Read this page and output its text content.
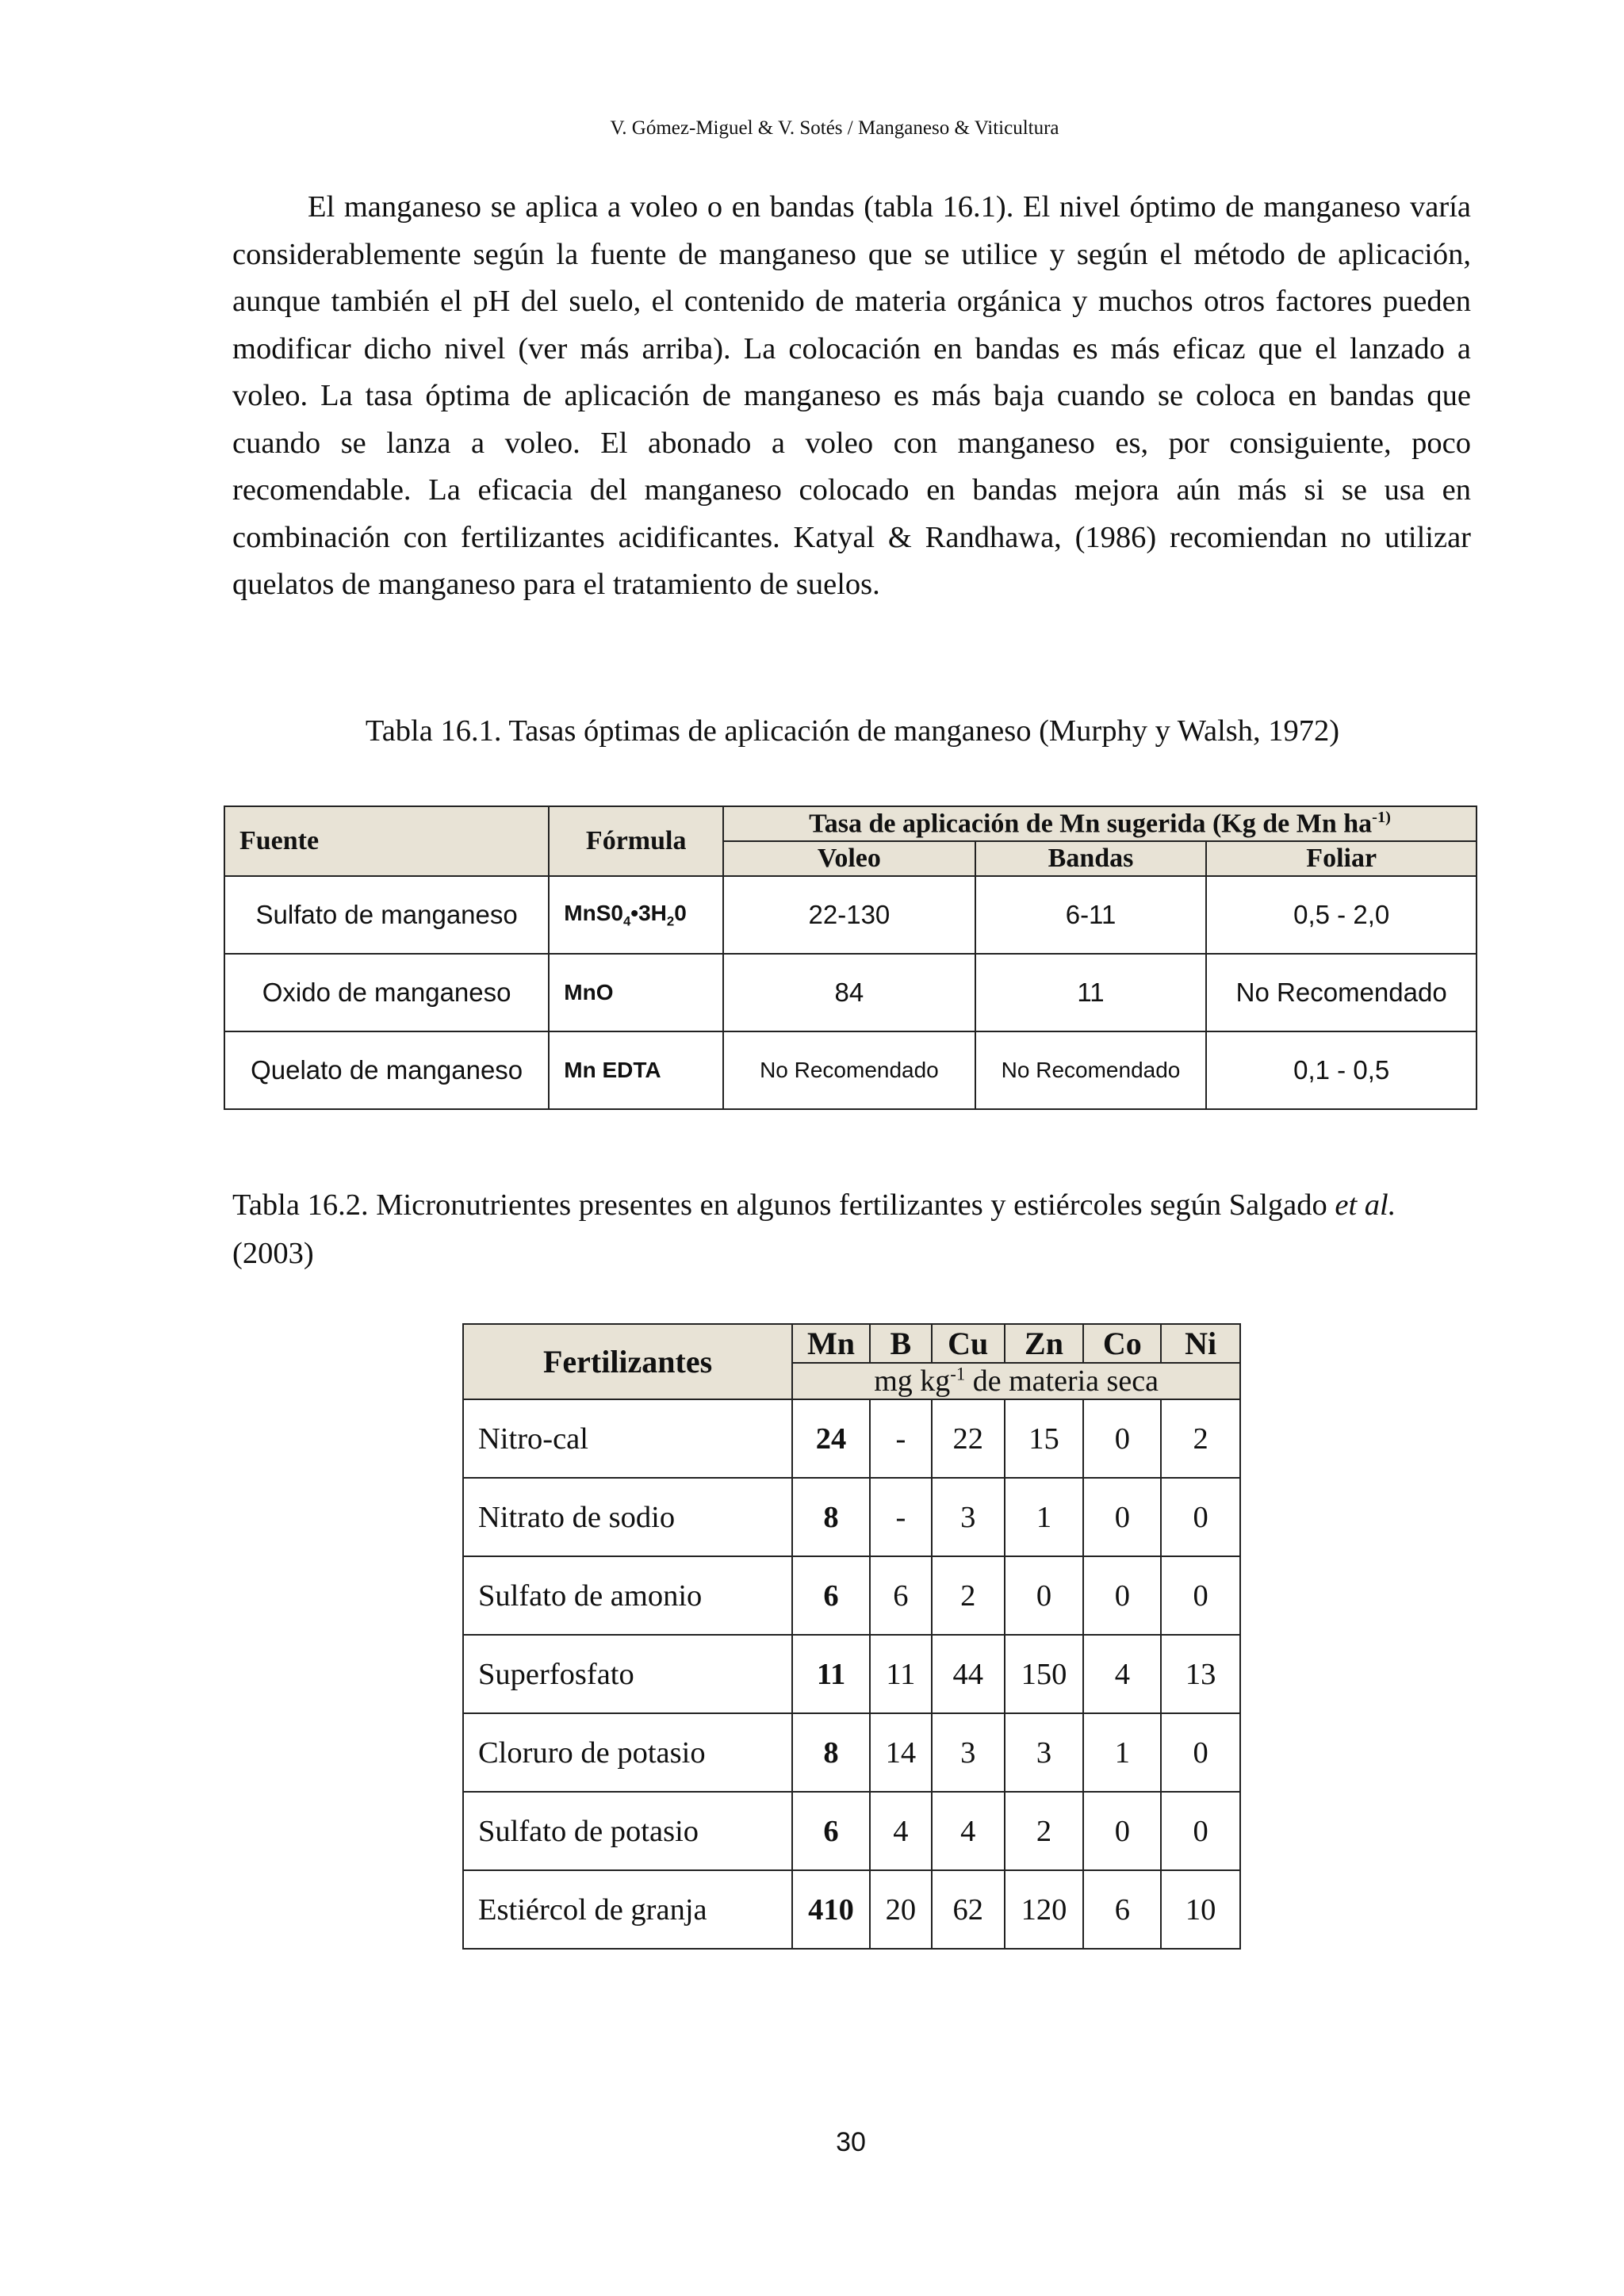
V. Gómez-Miguel & V. Sotés / Manganeso & Viticultura

El manganeso se aplica a voleo o en bandas (tabla 16.1). El nivel óptimo de manganeso varía considerablemente según la fuente de manganeso que se utilice y según el método de aplicación, aunque también el pH del suelo, el contenido de materia orgánica y muchos otros factores pueden modificar dicho nivel (ver más arriba). La colocación en bandas es más eficaz que el lanzado a voleo. La tasa óptima de aplicación de manganeso es más baja cuando se coloca en bandas que cuando se lanza a voleo. El abonado a voleo con manganeso es, por consiguiente, poco recomendable. La eficacia del manganeso colocado en bandas mejora aún más si se usa en combinación con fertilizantes acidificantes. Katyal & Randhawa, (1986) recomiendan no utilizar quelatos de manganeso para el tratamiento de suelos.

Tabla 16.1. Tasas óptimas de aplicación de manganeso (Murphy y Walsh, 1972)

Fuente	Fórmula	Tasa de aplicación de Mn sugerida (Kg de Mn $ha^{-1)}$
		Voleo	Bandas	Foliar
Sulfato de manganeso	$MnS0_4•3H_20$	22-130	6-11	0,5 - 2,0
Oxido de manganeso	MnO	84	11	No Recomendado
Quelato de manganeso	Mn EDTA	No Recomendado	No Recomendado	0,1 - 0,5

Tabla 16.2. Micronutrientes presentes en algunos fertilizantes y estiércoles según Salgado et al. (2003)

Fertilizantes	Mn	B	Cu	Zn	Co	Ni
	mg $kg^{-1}$ de materia seca					
Nitro-cal	24	-	22	15	0	2
Nitrato de sodio	8	-	3	1	0	0
Sulfato de amonio	6	6	2	0	0	0
Superfosfato	11	11	44	150	4	13
Cloruro de potasio	8	14	3	3	1	0
Sulfato de potasio	6	4	4	2	0	0
Estiércol de granja	410	20	62	120	6	10
30
